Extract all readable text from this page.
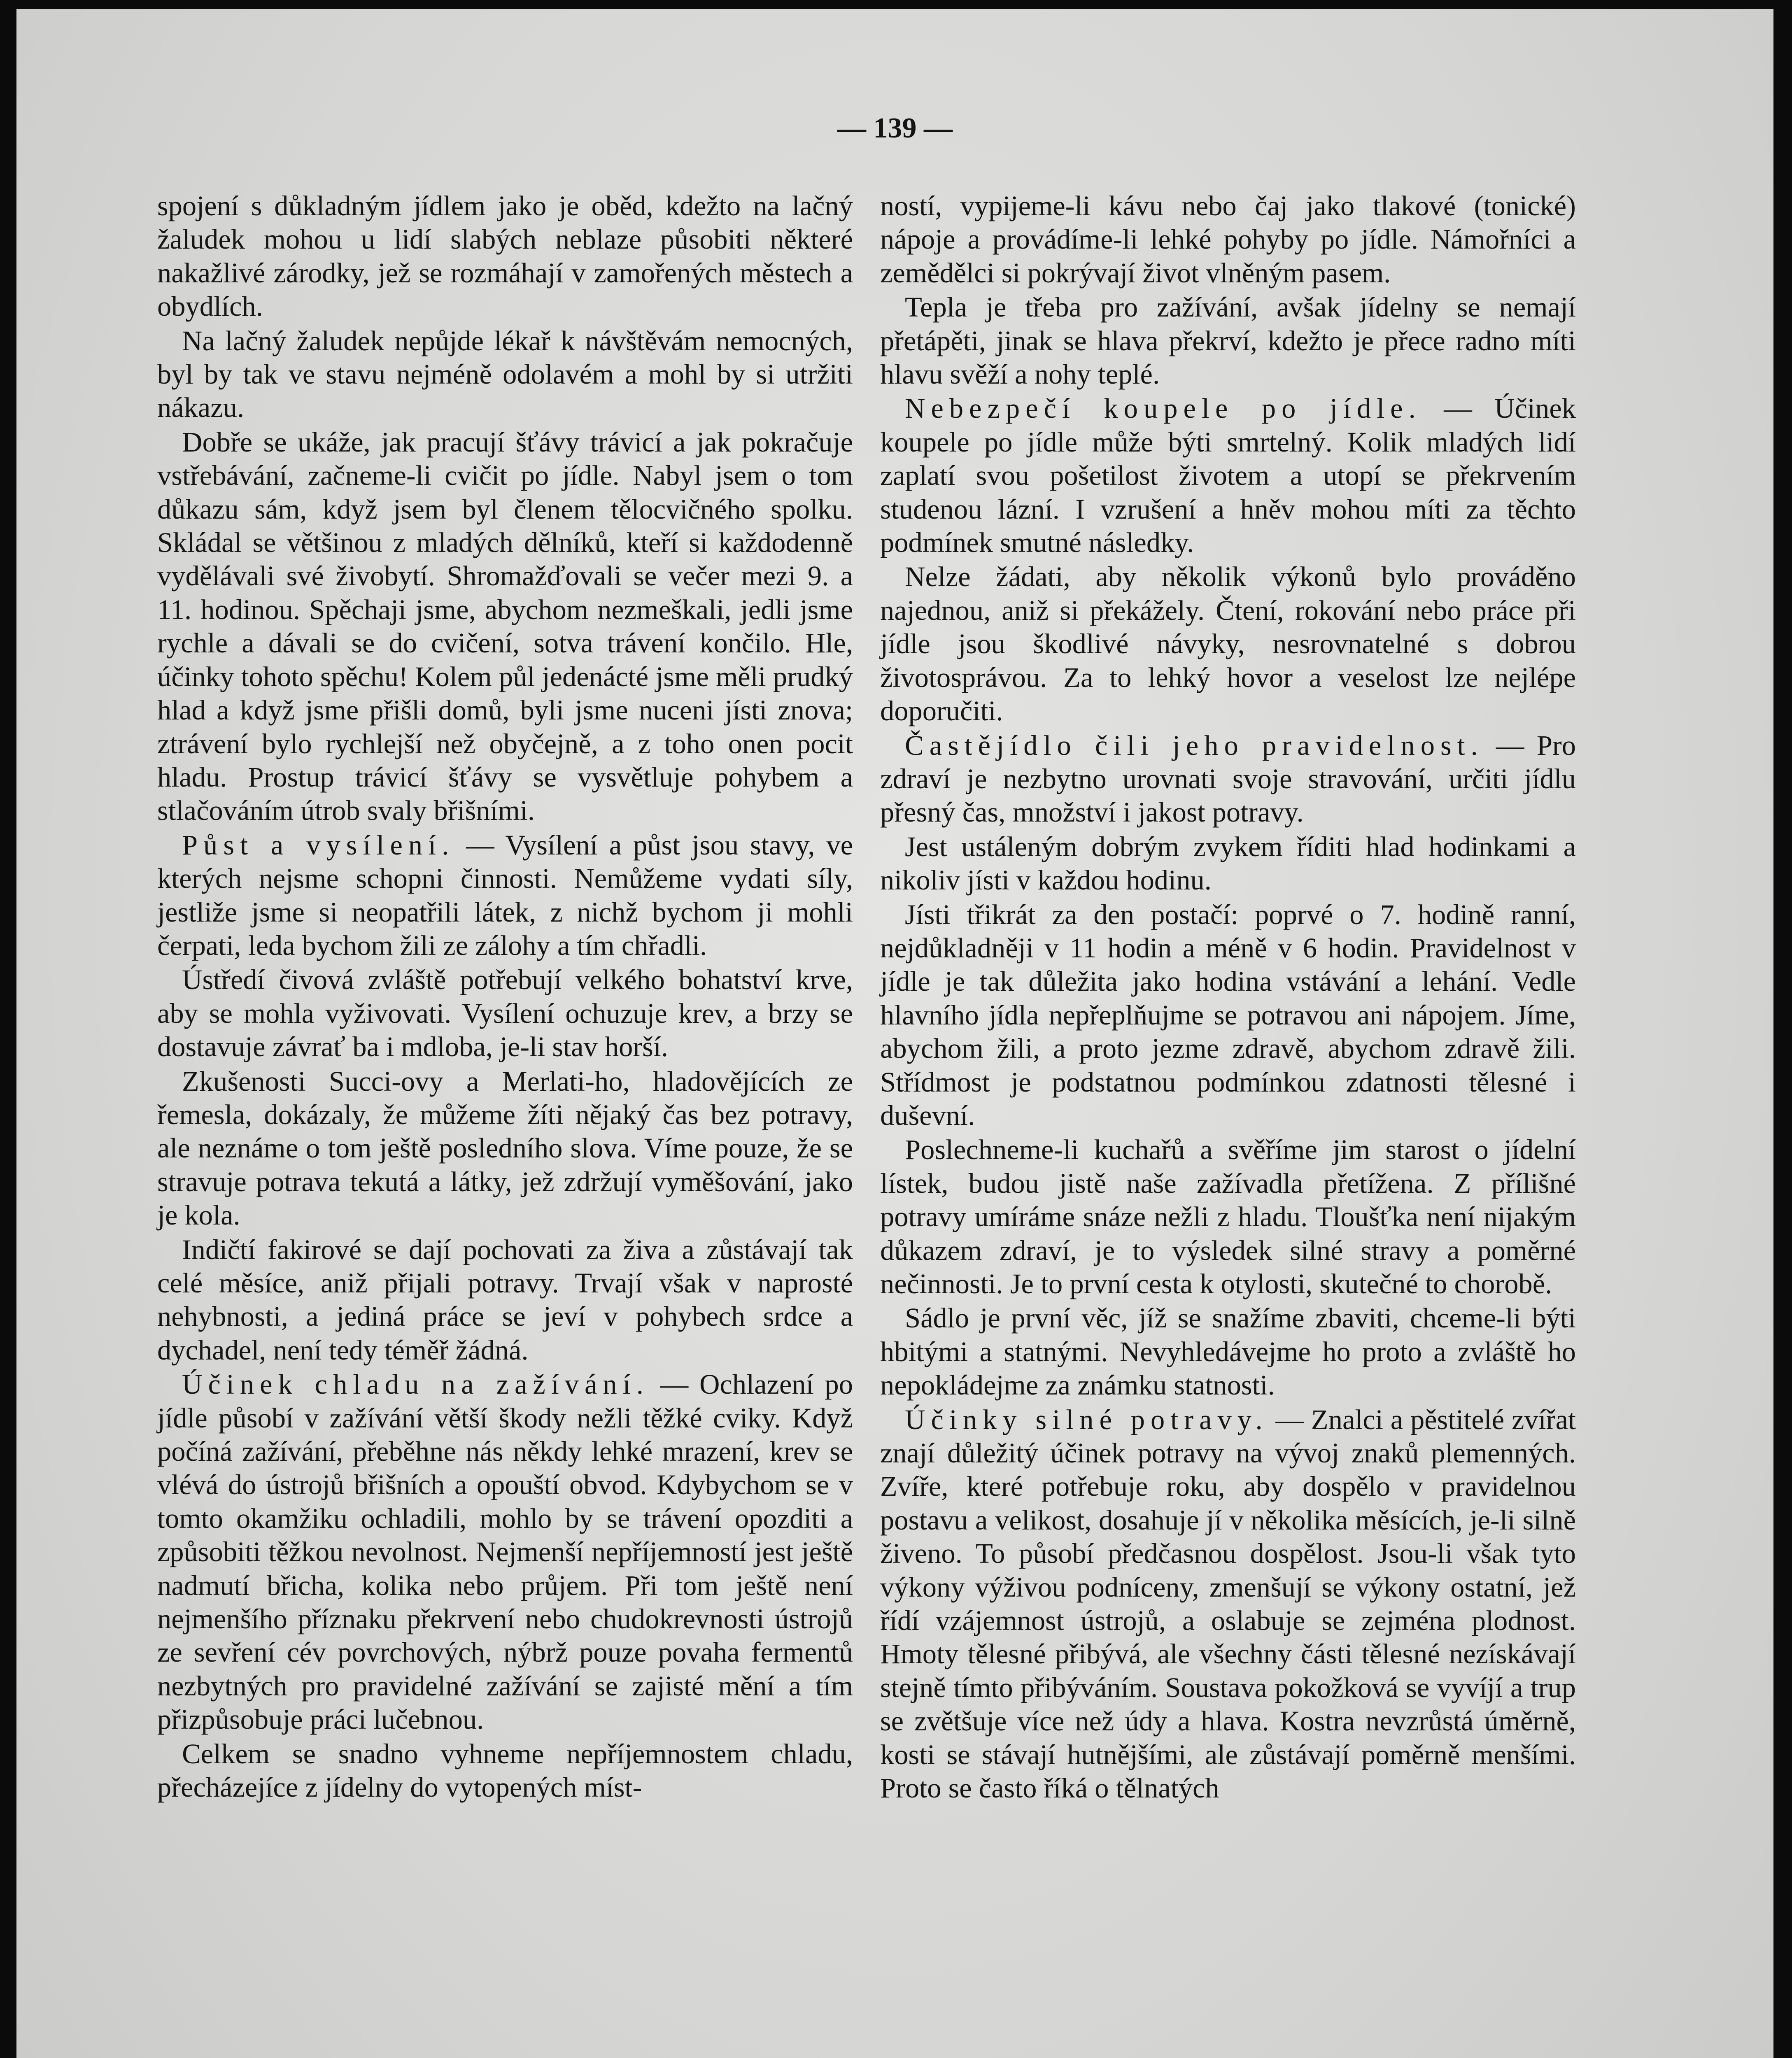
— 139 —

spojení s důkladným jídlem jako je oběd, kdežto na lačný žaludek mohou u lidí slabých neblaze působiti některé nakažlivé zárodky, jež se rozmáhají v zamořených městech a obydlích.

Na lačný žaludek nepůjde lékař k návštěvám nemocných, byl by tak ve stavu nejméně odolavém a mohl by si utržiti nákazu.

Dobře se ukáže, jak pracují šťávy trávicí a jak pokračuje vstřebávání, začneme-li cvičit po jídle. Nabyl jsem o tom důkazu sám, když jsem byl členem tělocvičného spolku. Skládal se většinou z mladých dělníků, kteří si každodenně vydělávali své živobytí. Shromažďovali se večer mezi 9. a 11. hodinou. Spěchaji jsme, abychom nezmeškali, jedli jsme rychle a dávali se do cvičení, sotva trávení končilo. Hle, účinky tohoto spěchu! Kolem půl jedenácté jsme měli prudký hlad a když jsme přišli domů, byli jsme nuceni jísti znova; ztrávení bylo rychlejší než obyčejně, a z toho onen pocit hladu. Prostup trávicí šťávy se vysvětluje pohybem a stlačováním útrob svaly břišními.

Půst a vysílení. — Vysílení a půst jsou stavy, ve kterých nejsme schopni činnosti. Nemůžeme vydati síly, jestliže jsme si neopatřili látek, z nichž bychom ji mohli čerpati, leda bychom žili ze zálohy a tím chřadli.

Ústředí čivová zvláště potřebují velkého bohatství krve, aby se mohla vyživovati. Vysílení ochuzuje krev, a brzy se dostavuje závrať ba i mdloba, je-li stav horší.

Zkušenosti Succi-ovy a Merlati-ho, hladovějících ze řemesla, dokázaly, že můžeme žíti nějaký čas bez potravy, ale neznáme o tom ještě posledního slova. Víme pouze, že se stravuje potrava tekutá a látky, jež zdržují vyměšování, jako je kola.

Indičtí fakirové se dají pochovati za živa a zůstávají tak celé měsíce, aniž přijali potravy. Trvají však v naprosté nehybnosti, a jediná práce se jeví v pohybech srdce a dychadel, není tedy téměř žádná.

Účinek chladu na zažívání. — Ochlazení po jídle působí v zažívání větší škody nežli těžké cviky. Když počíná zažívání, přeběhne nás někdy lehké mrazení, krev se vlévá do ústrojů břišních a opouští obvod. Kdybychom se v tomto okamžiku ochladili, mohlo by se trávení opozditi a způsobiti těžkou nevolnost. Nejmenší nepříjemností jest ještě nadmutí břicha, kolika nebo průjem. Při tom ještě není nejmenšího příznaku překrvení nebo chudokrevnosti ústrojů ze sevření cév povrchových, nýbrž pouze povaha fermentů nezbytných pro pravidelné zažívání se zajisté mění a tím přizpůsobuje práci lučebnou.

Celkem se snadno vyhneme nepříjemnostem chladu, přecházejíce z jídelny do vytopených míst-

ností, vypijeme-li kávu nebo čaj jako tlakové (tonické) nápoje a provádíme-li lehké pohyby po jídle. Námořníci a zemědělci si pokrývají život vlněným pasem.

Tepla je třeba pro zažívání, avšak jídelny se nemají přetápěti, jinak se hlava překrví, kdežto je přece radno míti hlavu svěží a nohy teplé.

Nebezpečí koupele po jídle. — Účinek koupele po jídle může býti smrtelný. Kolik mladých lidí zaplatí svou pošetilost životem a utopí se překrvením studenou lázní. I vzrušení a hněv mohou míti za těchto podmínek smutné následky.

Nelze žádati, aby několik výkonů bylo prováděno najednou, aniž si překážely. Čtení, rokování nebo práce při jídle jsou škodlivé návyky, nesrovnatelné s dobrou životosprávou. Za to lehký hovor a veselost lze nejlépe doporučiti.

Častějídlo čili jeho pravidelnost. — Pro zdraví je nezbytno urovnati svoje stravování, určiti jídlu přesný čas, množství i jakost potravy.

Jest ustáleným dobrým zvykem říditi hlad hodinkami a nikoliv jísti v každou hodinu.

Jísti třikrát za den postačí: poprvé o 7. hodině ranní, nejdůkladněji v 11 hodin a méně v 6 hodin. Pravidelnost v jídle je tak důležita jako hodina vstávání a lehání. Vedle hlavního jídla nepřeplňujme se potravou ani nápojem. Jíme, abychom žili, a proto jezme zdravě, abychom zdravě žili. Střídmost je podstatnou podmínkou zdatnosti tělesné i duševní.

Poslechneme-li kuchařů a svěříme jim starost o jídelní lístek, budou jistě naše zažívadla přetížena. Z přílišné potravy umíráme snáze nežli z hladu. Tloušťka není nijakým důkazem zdraví, je to výsledek silné stravy a poměrné nečinnosti. Je to první cesta k otylosti, skutečné to chorobě.

Sádlo je první věc, jíž se snažíme zbaviti, chceme-li býti hbitými a statnými. Nevyhledávejme ho proto a zvláště ho nepokládejme za známku statnosti.

Účinky silné potravy. — Znalci a pěstitelé zvířat znají důležitý účinek potravy na vývoj znaků plemenných. Zvíře, které potřebuje roku, aby dospělo v pravidelnou postavu a velikost, dosahuje jí v několika měsících, je-li silně živeno. To působí předčasnou dospělost. Jsou-li však tyto výkony výživou podníceny, zmenšují se výkony ostatní, jež řídí vzájemnost ústrojů, a oslabuje se zejména plodnost. Hmoty tělesné přibývá, ale všechny části tělesné nezískávají stejně tímto přibýváním. Soustava pokožková se vyvíjí a trup se zvětšuje více než údy a hlava. Kostra nevzrůstá úměrně, kosti se stávají hutnějšími, ale zůstávají poměrně menšími. Proto se často říká o tělnatých
